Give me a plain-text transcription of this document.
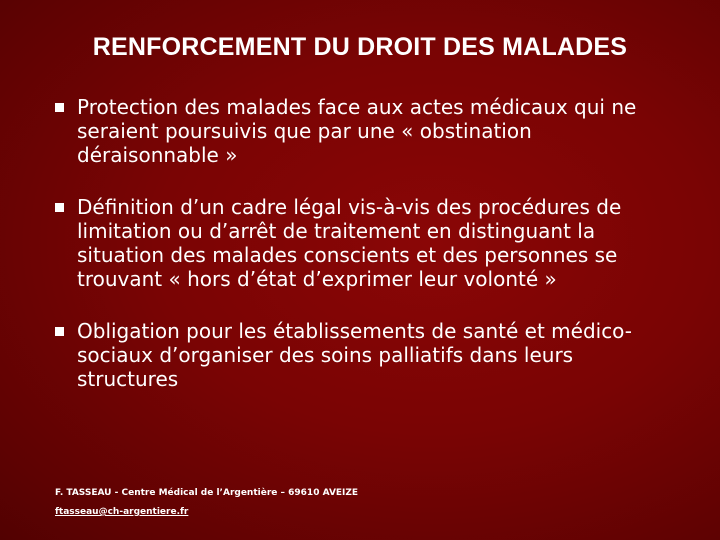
RENFORCEMENT DU DROIT DES MALADES
Protection des malades face aux actes médicaux qui ne seraient poursuivis que par une « obstination déraisonnable »
Définition d’un cadre légal vis-à-vis des procédures de limitation ou d’arrêt de traitement en distinguant la situation des malades conscients et des personnes se trouvant « hors d’état d’exprimer leur volonté »
Obligation pour les établissements de santé et médico-sociaux d’organiser des soins palliatifs dans leurs structures
F. TASSEAU - Centre Médical de l’Argentière – 69610 AVEIZE
ftasseau@ch-argentiere.fr
